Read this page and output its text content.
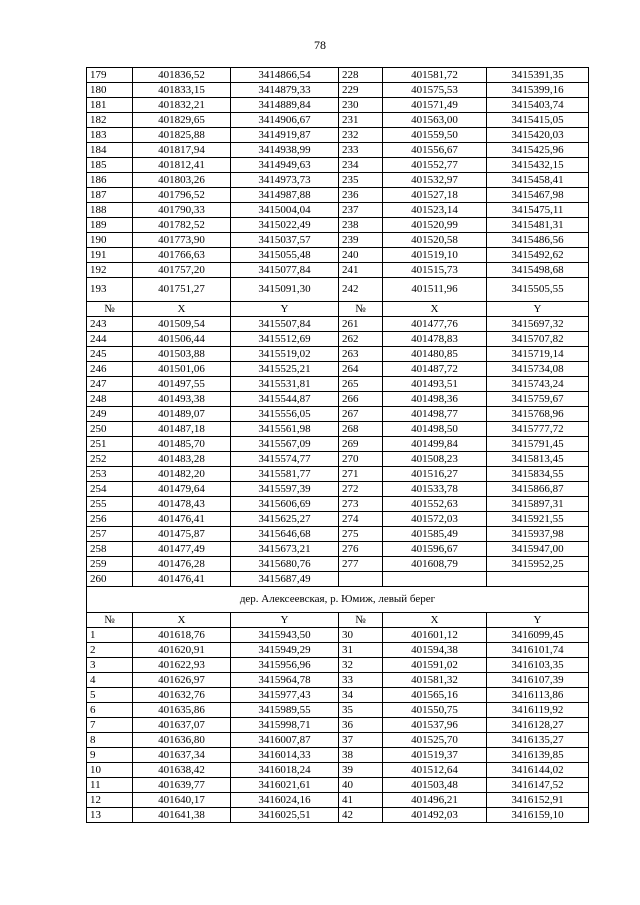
78
179	401836,52	3414866,54	228	401581,72	3415391,35
180	401833,15	3414879,33	229	401575,53	3415399,16
181	401832,21	3414889,84	230	401571,49	3415403,74
182	401829,65	3414906,67	231	401563,00	3415415,05
183	401825,88	3414919,87	232	401559,50	3415420,03
184	401817,94	3414938,99	233	401556,67	3415425,96
185	401812,41	3414949,63	234	401552,77	3415432,15
186	401803,26	3414973,73	235	401532,97	3415458,41
187	401796,52	3414987,88	236	401527,18	3415467,98
188	401790,33	3415004,04	237	401523,14	3415475,11
189	401782,52	3415022,49	238	401520,99	3415481,31
190	401773,90	3415037,57	239	401520,58	3415486,56
191	401766,63	3415055,48	240	401519,10	3415492,62
192	401757,20	3415077,84	241	401515,73	3415498,68
193	401751,27	3415091,30	242	401511,96	3415505,55
№	X	Y	№	X	Y
243	401509,54	3415507,84	261	401477,76	3415697,32
244	401506,44	3415512,69	262	401478,83	3415707,82
245	401503,88	3415519,02	263	401480,85	3415719,14
246	401501,06	3415525,21	264	401487,72	3415734,08
247	401497,55	3415531,81	265	401493,51	3415743,24
248	401493,38	3415544,87	266	401498,36	3415759,67
249	401489,07	3415556,05	267	401498,77	3415768,96
250	401487,18	3415561,98	268	401498,50	3415777,72
251	401485,70	3415567,09	269	401499,84	3415791,45
252	401483,28	3415574,77	270	401508,23	3415813,45
253	401482,20	3415581,77	271	401516,27	3415834,55
254	401479,64	3415597,39	272	401533,78	3415866,87
255	401478,43	3415606,69	273	401552,63	3415897,31
256	401476,41	3415625,27	274	401572,03	3415921,55
257	401475,87	3415646,68	275	401585,49	3415937,98
258	401477,49	3415673,21	276	401596,67	3415947,00
259	401476,28	3415680,76	277	401608,79	3415952,25
260	401476,41	3415687,49			
дер. Алексеевская, р. Юмиж, левый берег					
№	X	Y	№	X	Y
1	401618,76	3415943,50	30	401601,12	3416099,45
2	401620,91	3415949,29	31	401594,38	3416101,74
3	401622,93	3415956,96	32	401591,02	3416103,35
4	401626,97	3415964,78	33	401581,32	3416107,39
5	401632,76	3415977,43	34	401565,16	3416113,86
6	401635,86	3415989,55	35	401550,75	3416119,92
7	401637,07	3415998,71	36	401537,96	3416128,27
8	401636,80	3416007,87	37	401525,70	3416135,27
9	401637,34	3416014,33	38	401519,37	3416139,85
10	401638,42	3416018,24	39	401512,64	3416144,02
11	401639,77	3416021,61	40	401503,48	3416147,52
12	401640,17	3416024,16	41	401496,21	3416152,91
13	401641,38	3416025,51	42	401492,03	3416159,10
